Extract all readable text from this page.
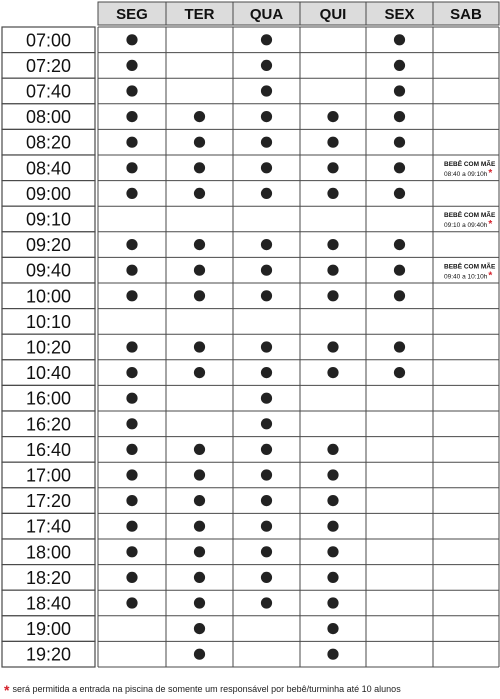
SEG TER QUA QUI	SEX SAB
07:00
07:20
07:40
08:00
08:20
08:40
09:00
09:10
09:20
09:40
10:00
10:10
10:20
10:40
16:00
16:20
16:40
17:00
17:20
17:40
18:00
18:20
18:40
19:00
19:20
BEBÊ COM MÃE
08:40 a 09:10h*
BEBÊ COM MÃE
09:10 a 09:40h*
BEBÊ COM MÃE
09:40 a 10:10h*
* será permitida a entrada na piscina de somente um responsável por bebê/turminha até 10 alunos
